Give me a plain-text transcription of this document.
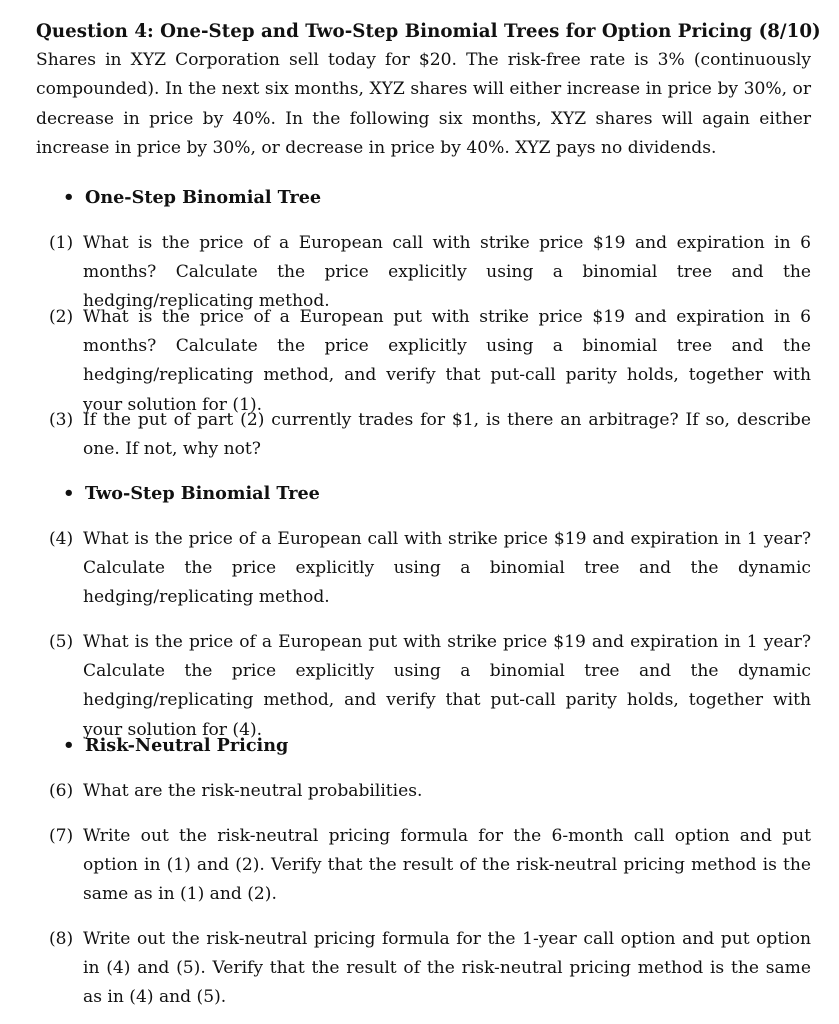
Question 4: One-Step and Two-Step Binomial Trees for Option Pricing (8/10)

Shares in XYZ Corporation sell today for $20. The risk-free rate is 3% (continuously compounded). In the next six months, XYZ shares will either increase in price by 30%, or decrease in price by 40%. In the following six months, XYZ shares will again either increase in price by 30%, or decrease in price by 40%. XYZ pays no dividends.

• One-Step Binomial Tree
(1) What is the price of a European call with strike price $19 and expiration in 6 months? Calculate the price explicitly using a binomial tree and the hedging/replicating method.
(2) What is the price of a European put with strike price $19 and expiration in 6 months? Calculate the price explicitly using a binomial tree and the hedging/replicating method, and verify that put-call parity holds, together with your solution for (1).
(3) If the put of part (2) currently trades for $1, is there an arbitrage? If so, describe one. If not, why not?
• Two-Step Binomial Tree
(4) What is the price of a European call with strike price $19 and expiration in 1 year? Calculate the price explicitly using a binomial tree and the dynamic hedging/replicating method.
(5) What is the price of a European put with strike price $19 and expiration in 1 year? Calculate the price explicitly using a binomial tree and the dynamic hedging/replicating method, and verify that put-call parity holds, together with your solution for (4).
• Risk-Neutral Pricing
(6) What are the risk-neutral probabilities.
(7) Write out the risk-neutral pricing formula for the 6-month call option and put option in (1) and (2). Verify that the result of the risk-neutral pricing method is the same as in (1) and (2).
(8) Write out the risk-neutral pricing formula for the 1-year call option and put option in (4) and (5). Verify that the result of the risk-neutral pricing method is the same as in (4) and (5).
